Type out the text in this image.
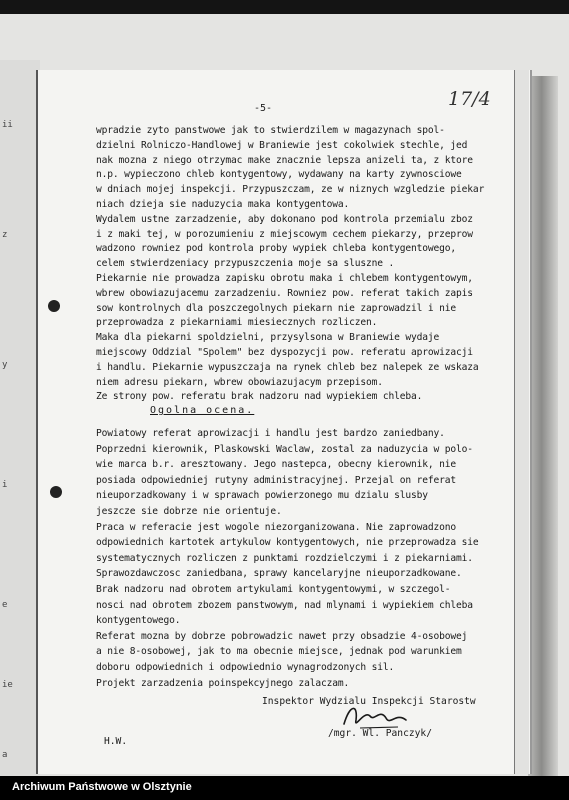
ii
z
y
i
e
ie
a
17/4
-5-
wpradzie zyto panstwowe jak to stwierdzilem w magazynach spol-
dzielni Rolniczo-Handlowej w Braniewie jest cokolwiek stechle, jed
nak mozna z niego otrzymac make znacznie lepsza anizeli ta, z ktore
n.p. wypieczono chleb kontygentowy, wydawany na karty zywnosciowe
w dniach mojej inspekcji. Przypuszczam, ze w niznych wzgledzie piekar
niach dzieja sie naduzycia maka kontygentowa.
Wydalem ustne zarzadzenie, aby dokonano pod kontrola przemialu zboz
i z maki tej, w porozumieniu z miejscowym cechem piekarzy, przeprow
wadzono rowniez pod kontrola proby wypiek chleba kontygentowego,
celem stwierdzeniacy przypuszczenia moje sa sluszne .
Piekarnie nie prowadza zapisku obrotu maka i chlebem kontygentowym,
wbrew obowiazujacemu zarzadzeniu. Rowniez pow. referat takich zapis
sow kontrolnych dla poszczegolnych piekarn nie zaprowadzil i nie
przeprowadza z piekarniami miesiecznych rozliczen.
Maka dla piekarni spoldzielni, przysylsona w Braniewie wydaje
miejscowy Oddzial "Spolem" bez dyspozycji pow. referatu aprowizacji
i handlu. Piekarnie wypuszczaja na rynek chleb bez nalepek ze wskaza
niem adresu piekarn, wbrew obowiazujacym przepisom.
Ze strony pow. referatu brak nadzoru nad wypiekiem chleba.
Ogolna ocena.
Powiatowy referat aprowizacji i handlu jest bardzo zaniedbany.
Poprzedni kierownik, Plaskowski Waclaw, zostal za naduzycia w polo-
wie marca b.r. aresztowany. Jego nastepca, obecny kierownik, nie
posiada odpowiedniej rutyny administracyjnej. Przejal on referat
nieuporzadkowany i w sprawach powierzonego mu dzialu slusby
jeszcze sie dobrze nie orientuje.
Praca w referacie jest wogole niezorganizowana. Nie zaprowadzono
odpowiednich kartotek artykulow kontygentowych, nie przeprowadza sie
systematycznych rozliczen z punktami rozdzielczymi i z piekarniami.
Sprawozdawczosc zaniedbana, sprawy kancelaryjne nieuporzadkowane.
Brak nadzoru nad obrotem artykulami kontygentowymi, w szczegol-
nosci nad obrotem zbozem panstwowym, nad mlynami i wypiekiem chleba
kontygentowego.
Referat mozna by dobrze pobrowadzic nawet przy obsadzie 4-osobowej
a nie 8-osobowej, jak to ma obecnie miejsce, jednak pod warunkiem
doboru odpowiednich i odpowiednio wynagrodzonych sil.
Projekt zarzadzenia poinspekcyjnego zalaczam.
Inspektor Wydzialu Inspekcji Starostw
/mgr. Wl. Panczyk/
H.W.
Archiwum Państwowe w Olsztynie
